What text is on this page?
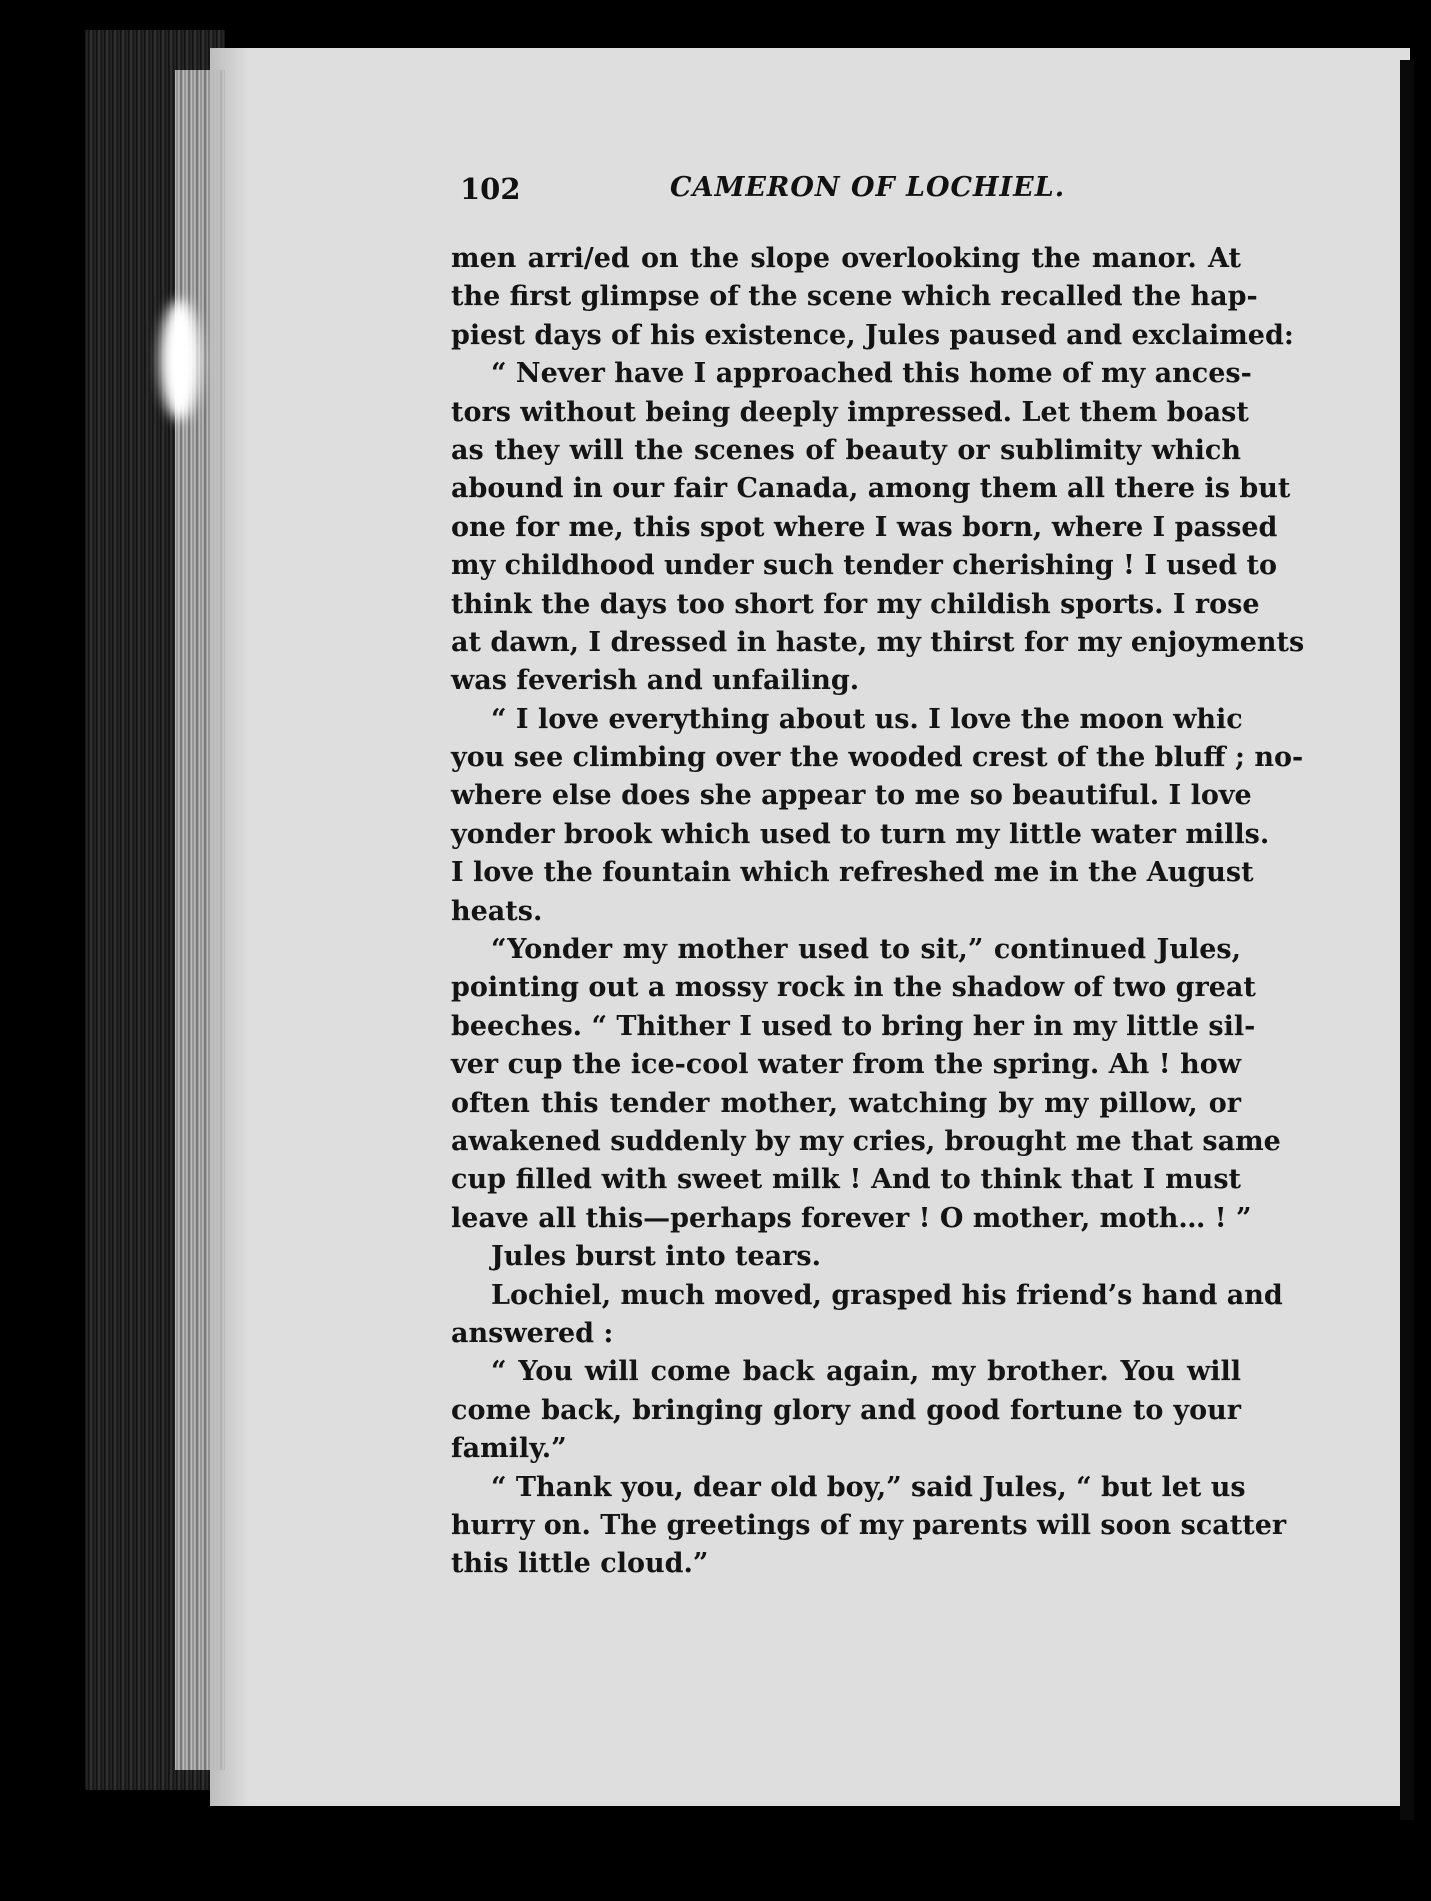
102	CAMERON OF LOCHIEL.
men arri/ed on the slope overlooking the manor. At
the first glimpse of the scene which recalled the hap-
piest days of his existence, Jules paused and exclaimed:
“ Never have I approached this home of my ances-
tors without being deeply impressed. Let them boast
as they will the scenes of beauty or sublimity which
abound in our fair Canada, among them all there is but
one for me, this spot where I was born, where I passed
my childhood under such tender cherishing ! I used to
think the days too short for my childish sports. I rose
at dawn, I dressed in haste, my thirst for my enjoyments
was feverish and unfailing.
“ I love everything about us. I love the moon whic
you see climbing over the wooded crest of the bluff ; no-
where else does she appear to me so beautiful. I love
yonder brook which used to turn my little water mills.
I love the fountain which refreshed me in the August
heats.
“Yonder my mother used to sit,” continued Jules,
pointing out a mossy rock in the shadow of two great
beeches. “ Thither I used to bring her in my little sil-
ver cup the ice-cool water from the spring. Ah ! how
often this tender mother, watching by my pillow, or
awakened suddenly by my cries, brought me that same
cup filled with sweet milk ! And to think that I must
leave all this—perhaps forever ! O mother, moth… ! ”
Jules burst into tears.
Lochiel, much moved, grasped his friend’s hand and
answered :
“ You will come back again, my brother. You will
come back, bringing glory and good fortune to your
family.”
“ Thank you, dear old boy,” said Jules, “ but let us
hurry on. The greetings of my parents will soon scatter
this little cloud.”
